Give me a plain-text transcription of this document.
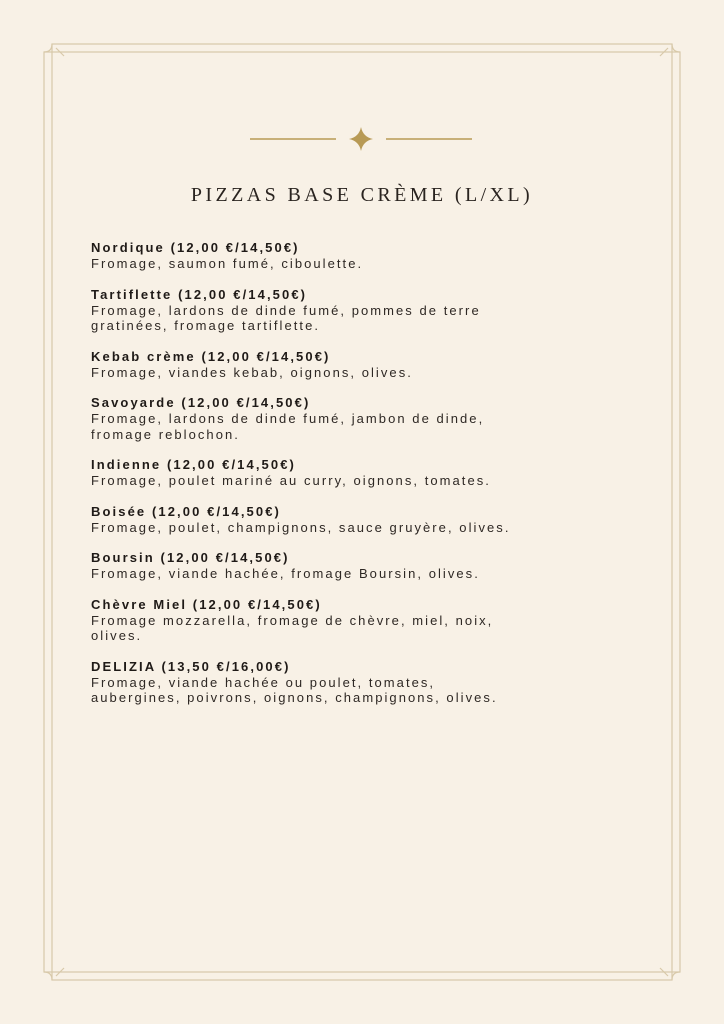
PIZZAS BASE CRÈME (L/XL)
Nordique (12,00 €/14,50€)
Fromage, saumon fumé, ciboulette.
Tartiflette (12,00 €/14,50€)
Fromage, lardons de dinde fumé, pommes de terre
gratinées, fromage tartiflette.
Kebab crème (12,00 €/14,50€)
Fromage, viandes kebab, oignons, olives.
Savoyarde (12,00 €/14,50€)
Fromage, lardons de dinde fumé, jambon de dinde,
fromage reblochon.
Indienne (12,00 €/14,50€)
Fromage, poulet mariné au curry, oignons, tomates.
Boisée (12,00 €/14,50€)
Fromage, poulet, champignons, sauce gruyère, olives.
Boursin (12,00 €/14,50€)
Fromage, viande hachée, fromage Boursin, olives.
Chèvre Miel (12,00 €/14,50€)
Fromage mozzarella, fromage de chèvre, miel, noix,
olives.
DELIZIA (13,50 €/16,00€)
Fromage, viande hachée ou poulet, tomates,
aubergines, poivrons, oignons, champignons, olives.
